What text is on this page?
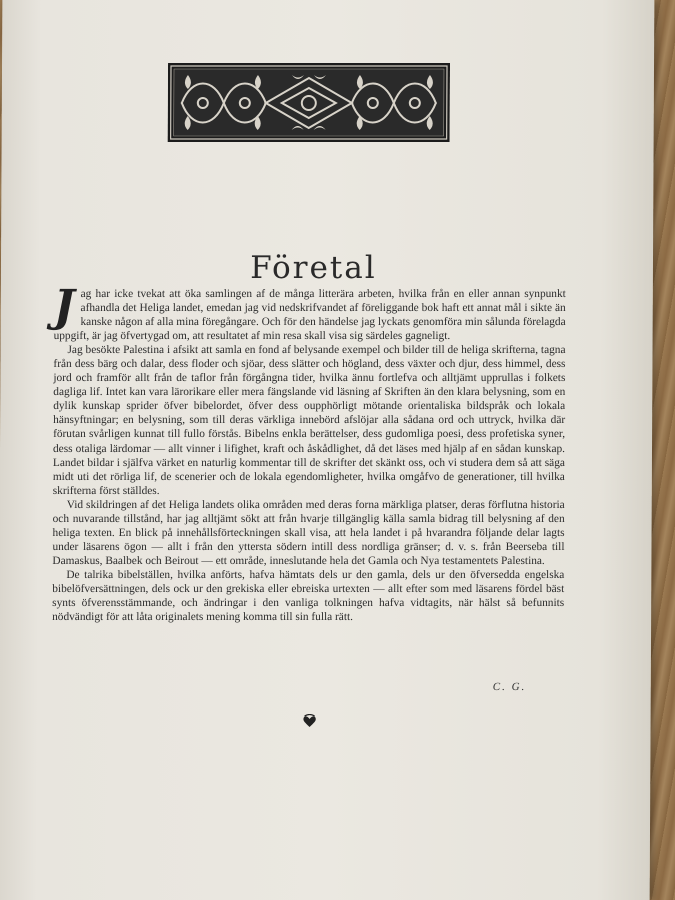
Företal

Jag har icke tvekat att öka samlingen af de många litterära arbeten, hvilka från en eller annan synpunkt afhandla det Heliga landet, emedan jag vid nedskrifvandet af föreliggande bok haft ett annat mål i sikte än kanske någon af alla mina föregångare. Och för den händelse jag lyckats genomföra min sålunda förelagda uppgift, är jag öfvertygad om, att resultatet af min resa skall visa sig särdeles gagneligt.

Jag besökte Palestina i afsikt att samla en fond af belysande exempel och bilder till de heliga skrifterna, tagna från dess bärg och dalar, dess floder och sjöar, dess slätter och högland, dess växter och djur, dess himmel, dess jord och framför allt från de taflor från förgångna tider, hvilka ännu fortlefva och alltjämt upprullas i folkets dagliga lif. Intet kan vara lärorikare eller mera fängslande vid läsning af Skriften än den klara belysning, som en dylik kunskap sprider öfver bibelordet, öfver dess oupphörligt mötande orientaliska bildspråk och lokala hänsyftningar; en belysning, som till deras värkliga innebörd afslöjar alla sådana ord och uttryck, hvilka där förutan svårligen kunnat till fullo förstås. Bibelns enkla berättelser, dess gudomliga poesi, dess profetiska syner, dess otaliga lärdomar — allt vinner i lifighet, kraft och åskådlighet, då det läses med hjälp af en sådan kunskap. Landet bildar i själfva värket en naturlig kommentar till de skrifter det skänkt oss, och vi studera dem så att säga midt uti det rörliga lif, de scenerier och de lokala egendomligheter, hvilka omgåfvo de generationer, till hvilka skrifterna först ställdes.

Vid skildringen af det Heliga landets olika områden med deras forna märkliga platser, deras förflutna historia och nuvarande tillstånd, har jag alltjämt sökt att från hvarje tillgänglig källa samla bidrag till belysning af den heliga texten. En blick på innehållsförteckningen skall visa, att hela landet i på hvarandra följande delar lagts under läsarens ögon — allt i från den yttersta södern intill dess nordliga gränser; d. v. s. från Beerseba till Damaskus, Baalbek och Beirout — ett område, inneslutande hela det Gamla och Nya testamentets Palestina.

De talrika bibelställen, hvilka anförts, hafva hämtats dels ur den gamla, dels ur den öfversedda engelska bibelöfversättningen, dels ock ur den grekiska eller ebreiska urtexten — allt efter som med läsarens fördel bäst synts öfverensstämmande, och ändringar i den vanliga tolkningen hafva vidtagits, när hälst så befunnits nödvändigt för att låta originalets mening komma till sin fulla rätt.

C. G.
